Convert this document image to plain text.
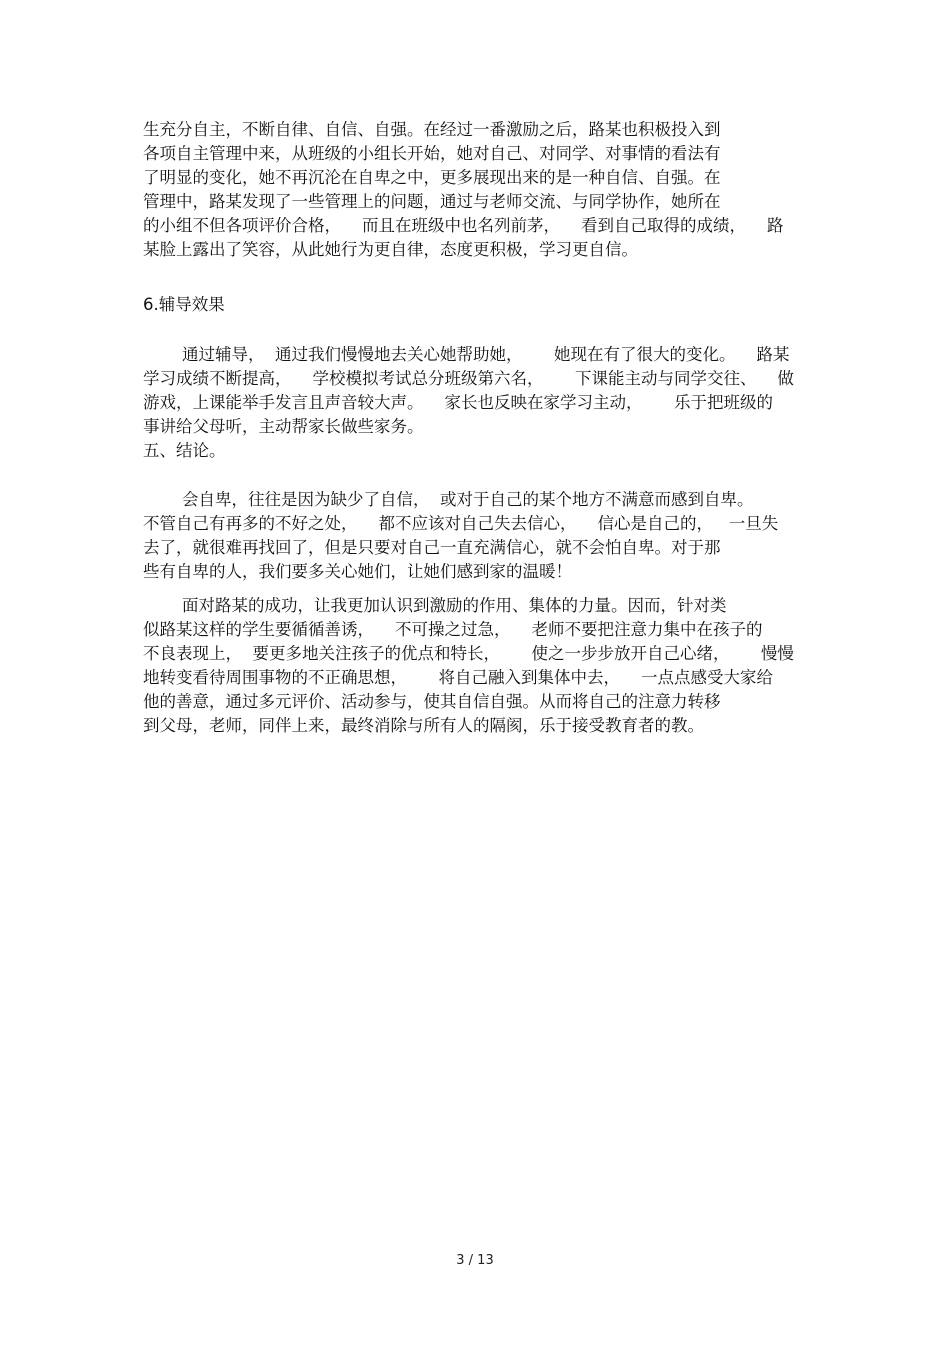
生充分自主，不断自律、自信、自强。在经过一番激励之后，路某也积极投入到
各项自主管理中来，从班级的小组长开始，她对自己、对同学、对事情的看法有
了明显的变化，她不再沉沦在自卑之中，更多展现出来的是一种自信、自强。在
管理中，路某发现了一些管理上的问题，通过与老师交流、与同学协作，她所在
的小组不但各项评价合格，    而且在班级中也名列前茅，    看到自己取得的成绩，    路
某脸上露出了笑容，从此她行为更自律，态度更积极，学习更自信。
6.辅导效果
通过辅导，  通过我们慢慢地去关心她帮助她，      她现在有了很大的变化。    路某
学习成绩不断提高，    学校模拟考试总分班级第六名，      下课能主动与同学交往、    做
游戏，上课能举手发言且声音较大声。    家长也反映在家学习主动，      乐于把班级的
事讲给父母听，主动帮家长做些家务。
五、结论。
会自卑，往往是因为缺少了自信，  或对于自己的某个地方不满意而感到自卑。
不管自己有再多的不好之处，    都不应该对自己失去信心，    信心是自己的，   一旦失
去了，就很难再找回了，但是只要对自己一直充满信心，就不会怕自卑。对于那
些有自卑的人，我们要多关心她们，让她们感到家的温暖！
面对路某的成功，让我更加认识到激励的作用、集体的力量。因而，针对类
似路某这样的学生要循循善诱，    不可操之过急，    老师不要把注意力集中在孩子的
不良表现上，  要更多地关注孩子的优点和特长，      使之一步步放开自己心绪，      慢慢
地转变看待周围事物的不正确思想，      将自己融入到集体中去，    一点点感受大家给
他的善意，通过多元评价、活动参与，使其自信自强。从而将自己的注意力转移
到父母，老师，同伴上来，最终消除与所有人的隔阂，乐于接受教育者的教。
3 / 13
